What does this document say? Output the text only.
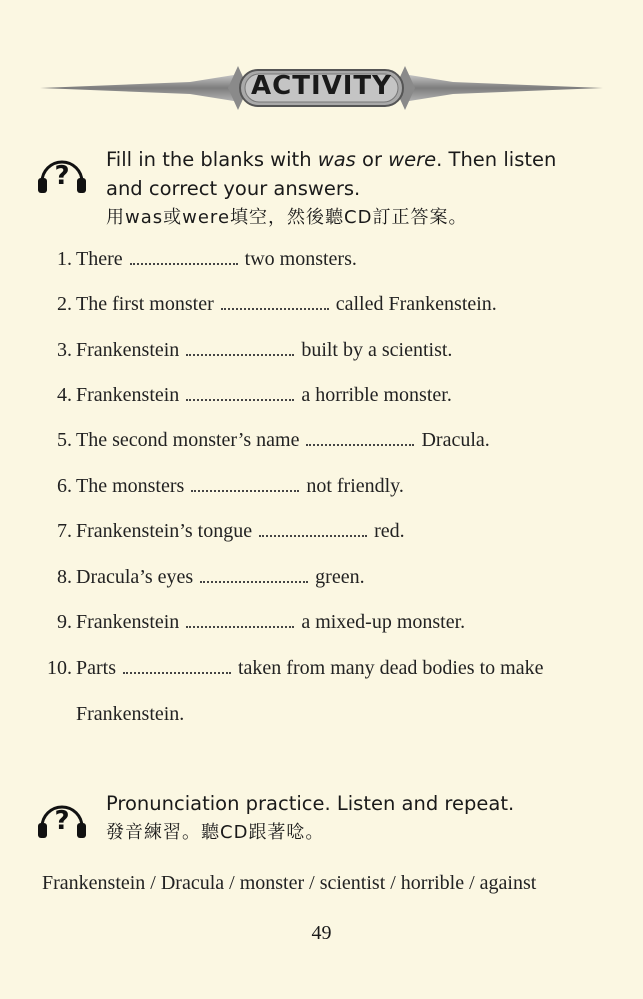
ACTIVITY
?
Fill in the blanks with was or were. Then listen
and correct your answers.
用was或were填空，然後聽CD訂正答案。
1. There	two monsters.
2. The first monster	called Frankenstein.
3. Frankenstein	built by a scientist.
4. Frankenstein	a horrible monster.
5. The second monster’s name	Dracula.
6. The monsters	not friendly.
7. Frankenstein’s tongue	red.
8. Dracula’s eyes	green.
9. Frankenstein	a mixed-up monster.
10. Parts	taken from many dead bodies to make
Frankenstein.
?
Pronunciation practice. Listen and repeat.
發音練習。聽CD跟著唸。
Frankenstein / Dracula / monster / scientist / horrible / against
49
